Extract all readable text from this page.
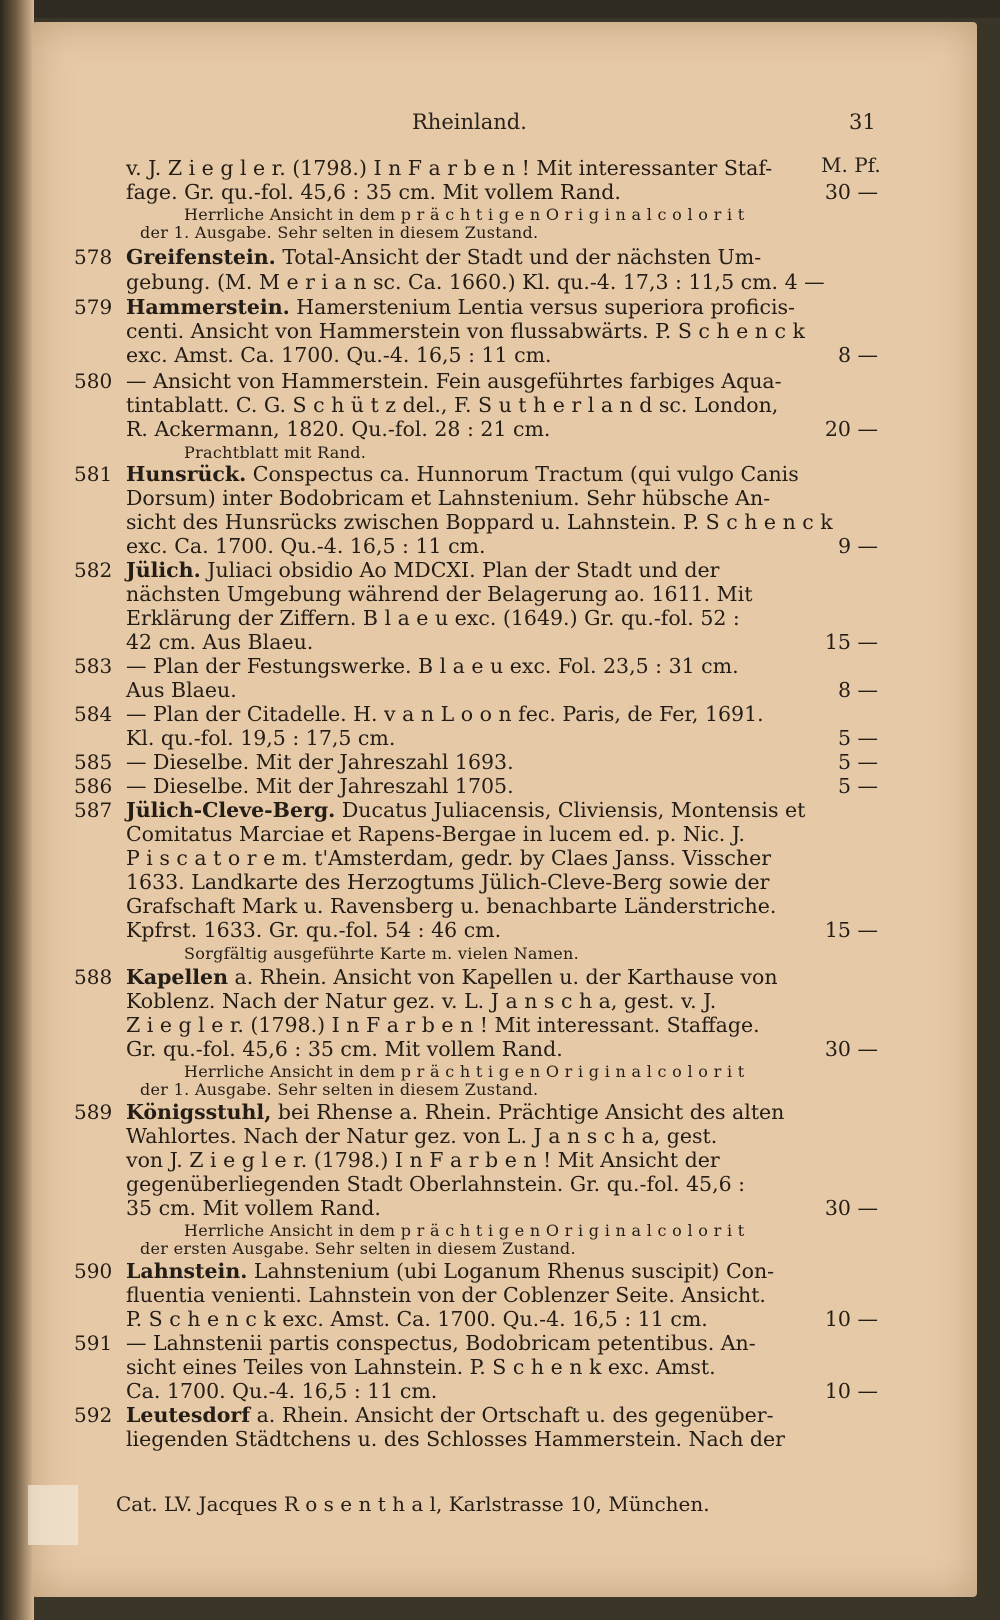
Rheinland.	31
M. Pf.
v. J. Z i e g l e r. (1798.) I n F a r b e n ! Mit interessanter Staf-
fage. Gr. qu.-fol. 45,6 : 35 cm. Mit vollem Rand.	30 —
Herrliche Ansicht in dem p r ä c h t i g e n O r i g i n a l c o l o r i t
der 1. Ausgabe. Sehr selten in diesem Zustand.
578 Greifenstein. Total-Ansicht der Stadt und der nächsten Um-
gebung. (M. M e r i a n sc. Ca. 1660.) Kl. qu.-4. 17,3 : 11,5 cm. 4 —
579 Hammerstein. Hamerstenium Lentia versus superiora proficis-
centi. Ansicht von Hammerstein von flussabwärts. P. S c h e n c k
exc. Amst. Ca. 1700. Qu.-4. 16,5 : 11 cm.	8 —
580 — Ansicht von Hammerstein. Fein ausgeführtes farbiges Aqua-
tintablatt. C. G. S c h ü t z del., F. S u t h e r l a n d sc. London,
R. Ackermann, 1820. Qu.-fol. 28 : 21 cm.	20 —
Prachtblatt mit Rand.
581 Hunsrück. Conspectus ca. Hunnorum Tractum (qui vulgo Canis
Dorsum) inter Bodobricam et Lahnstenium. Sehr hübsche An-
sicht des Hunsrücks zwischen Boppard u. Lahnstein. P. S c h e n c k
exc. Ca. 1700. Qu.-4. 16,5 : 11 cm.	9 —
582 Jülich. Juliaci obsidio Ao MDCXI. Plan der Stadt und der
nächsten Umgebung während der Belagerung ao. 1611. Mit
Erklärung der Ziffern. B l a e u exc. (1649.) Gr. qu.-fol. 52 :
42 cm. Aus Blaeu.	15 —
583 — Plan der Festungswerke. B l a e u exc. Fol. 23,5 : 31 cm.
Aus Blaeu.	8 —
584 — Plan der Citadelle. H. v a n L o o n fec. Paris, de Fer, 1691.
Kl. qu.-fol. 19,5 : 17,5 cm.	5 —
585 — Dieselbe. Mit der Jahreszahl 1693.	5 —
586 — Dieselbe. Mit der Jahreszahl 1705.	5 —
587 Jülich-Cleve-Berg. Ducatus Juliacensis, Cliviensis, Montensis et
Comitatus Marciae et Rapens-Bergae in lucem ed. p. Nic. J.
P i s c a t o r e m. t'Amsterdam, gedr. by Claes Janss. Visscher
1633. Landkarte des Herzogtums Jülich-Cleve-Berg sowie der
Grafschaft Mark u. Ravensberg u. benachbarte Länderstriche.
Kpfrst. 1633. Gr. qu.-fol. 54 : 46 cm.	15 —
Sorgfältig ausgeführte Karte m. vielen Namen.
588 Kapellen a. Rhein. Ansicht von Kapellen u. der Karthause von
Koblenz. Nach der Natur gez. v. L. J a n s c h a, gest. v. J.
Z i e g l e r. (1798.) I n F a r b e n ! Mit interessant. Staffage.
Gr. qu.-fol. 45,6 : 35 cm. Mit vollem Rand.	30 —
Herrliche Ansicht in dem p r ä c h t i g e n O r i g i n a l c o l o r i t
der 1. Ausgabe. Sehr selten in diesem Zustand.
589 Königsstuhl, bei Rhense a. Rhein. Prächtige Ansicht des alten
Wahlortes. Nach der Natur gez. von L. J a n s c h a, gest.
von J. Z i e g l e r. (1798.) I n F a r b e n ! Mit Ansicht der
gegenüberliegenden Stadt Oberlahnstein. Gr. qu.-fol. 45,6 :
35 cm. Mit vollem Rand.	30 —
Herrliche Ansicht in dem p r ä c h t i g e n O r i g i n a l c o l o r i t
der ersten Ausgabe. Sehr selten in diesem Zustand.
590 Lahnstein. Lahnstenium (ubi Loganum Rhenus suscipit) Con-
fluentia venienti. Lahnstein von der Coblenzer Seite. Ansicht.
P. S c h e n c k exc. Amst. Ca. 1700. Qu.-4. 16,5 : 11 cm.	10 —
591 — Lahnstenii partis conspectus, Bodobricam petentibus. An-
sicht eines Teiles von Lahnstein. P. S c h e n k exc. Amst.
Ca. 1700. Qu.-4. 16,5 : 11 cm.	10 —
592 Leutesdorf a. Rhein. Ansicht der Ortschaft u. des gegenüber-
liegenden Städtchens u. des Schlosses Hammerstein. Nach der
Cat. LV. Jacques R o s e n t h a l, Karlstrasse 10, München.
